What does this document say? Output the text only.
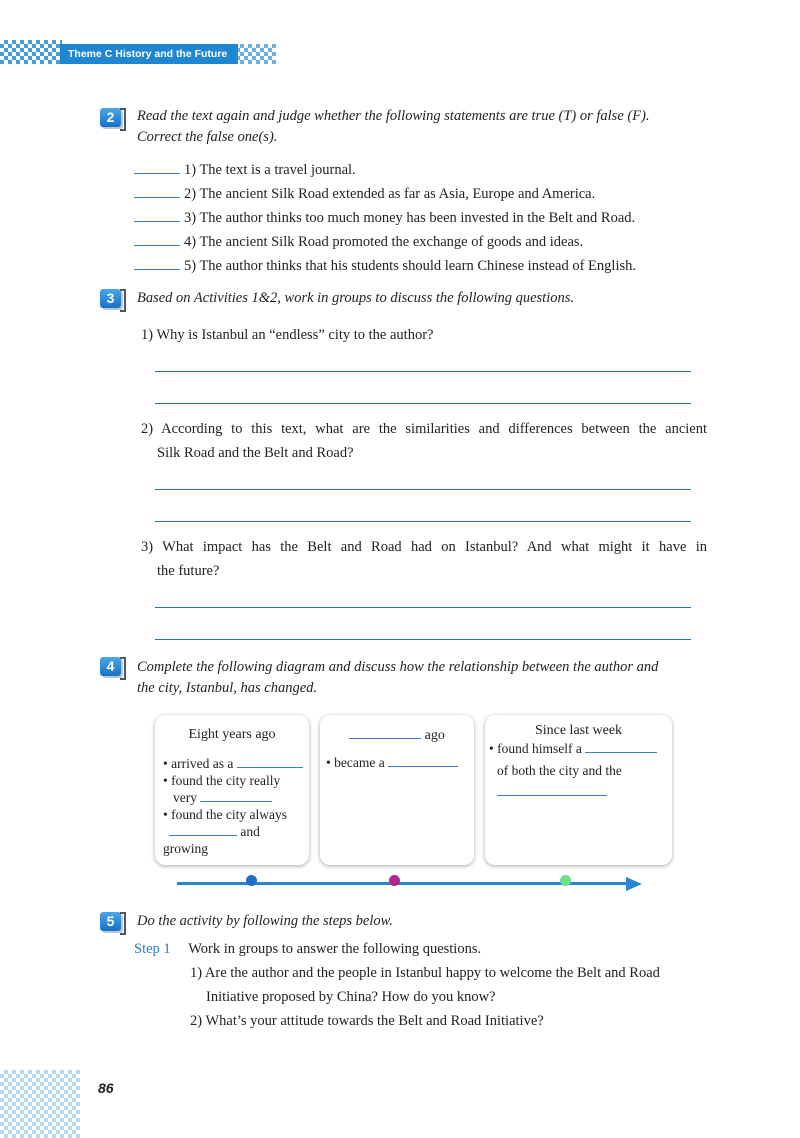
Theme C History and the Future
2	Read the text again and judge whether the following statements are true (T) or false (F).
Correct the false one(s).
1) The text is a travel journal.
2) The ancient Silk Road extended as far as Asia, Europe and America.
3) The author thinks too much money has been invested in the Belt and Road.
4) The ancient Silk Road promoted the exchange of goods and ideas.
5) The author thinks that his students should learn Chinese instead of English.
3	Based on Activities 1&2, work in groups to discuss the following questions.
1) Why is Istanbul an “endless” city to the author?
2) According to this text, what are the similarities and differences between the ancient
Silk Road and the Belt and Road?
3) What impact has the Belt and Road had on Istanbul? And what might it have in
the future?
4	Complete the following diagram and discuss how the relationship between the author and
the city, Istanbul, has changed.
Eight years ago
• arrived as a
• found the city really
very
• found the city always
and
growing
ago
• became a
Since last week
• found himself a
of both the city and the
5	Do the activity by following the steps below.
Step 1 Work in groups to answer the following questions.
1) Are the author and the people in Istanbul happy to welcome the Belt and Road
Initiative proposed by China? How do you know?
2) What’s your attitude towards the Belt and Road Initiative?
86
